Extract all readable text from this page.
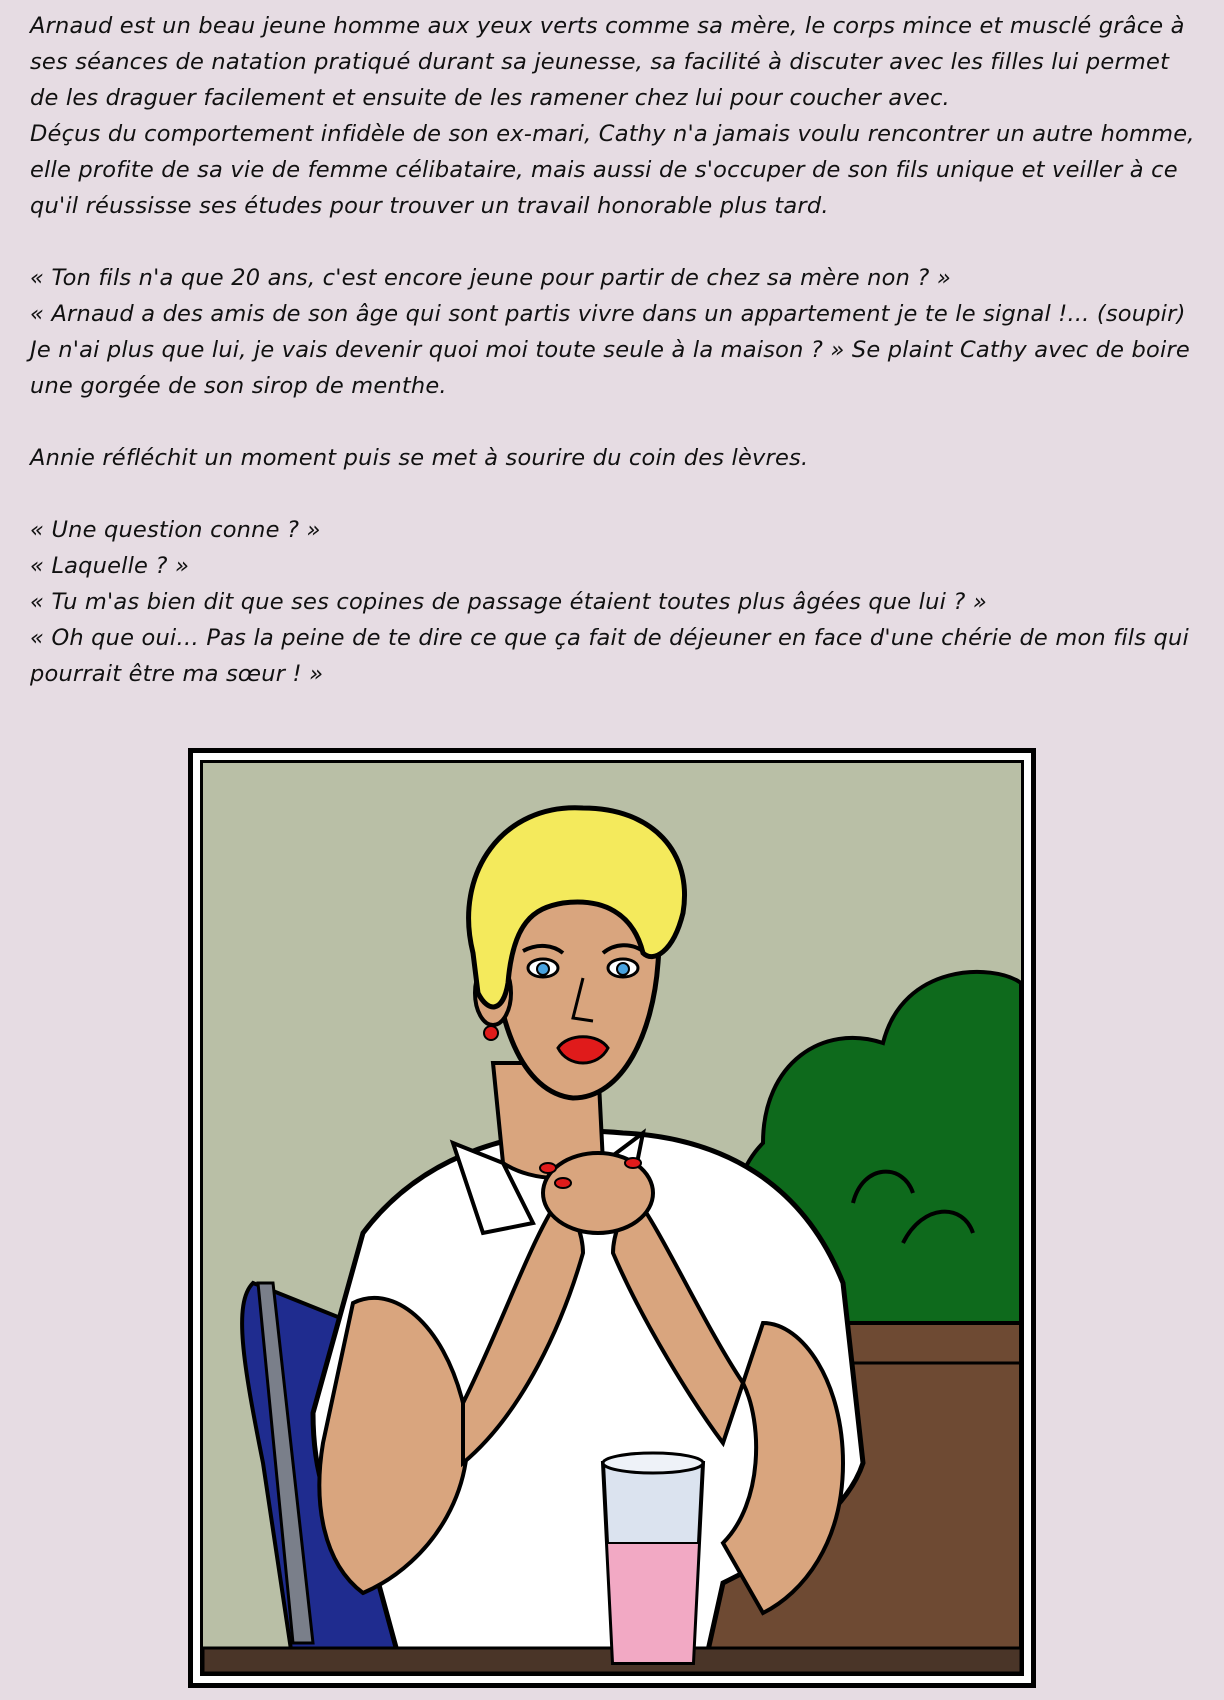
Arnaud est un beau jeune homme aux yeux verts comme sa mère, le corps mince et musclé grâce à ses séances de natation pratiqué durant sa jeunesse, sa facilité à discuter avec les filles lui permet de les draguer facilement et ensuite de les ramener chez lui pour coucher avec.

Déçus du comportement infidèle de son ex-mari, Cathy n'a jamais voulu rencontrer un autre homme, elle profite de sa vie de femme célibataire, mais aussi de s'occuper de son fils unique et veiller à ce qu'il réussisse ses études pour trouver un travail honorable plus tard.

« Ton fils n'a que 20 ans, c'est encore jeune pour partir de chez sa mère non ? »

« Arnaud a des amis de son âge qui sont partis vivre dans un appartement je te le signal !... (soupir) Je n'ai plus que lui, je vais devenir quoi moi toute seule à la maison ? » Se plaint Cathy avec de boire une gorgée de son sirop de menthe.

Annie réfléchit un moment puis se met à sourire du coin des lèvres.

« Une question conne ? »

« Laquelle ? »

« Tu m'as bien dit que ses copines de passage étaient toutes plus âgées que lui ? »

« Oh que oui… Pas la peine de te dire ce que ça fait de déjeuner en face d'une chérie de mon fils qui pourrait être ma sœur ! »
